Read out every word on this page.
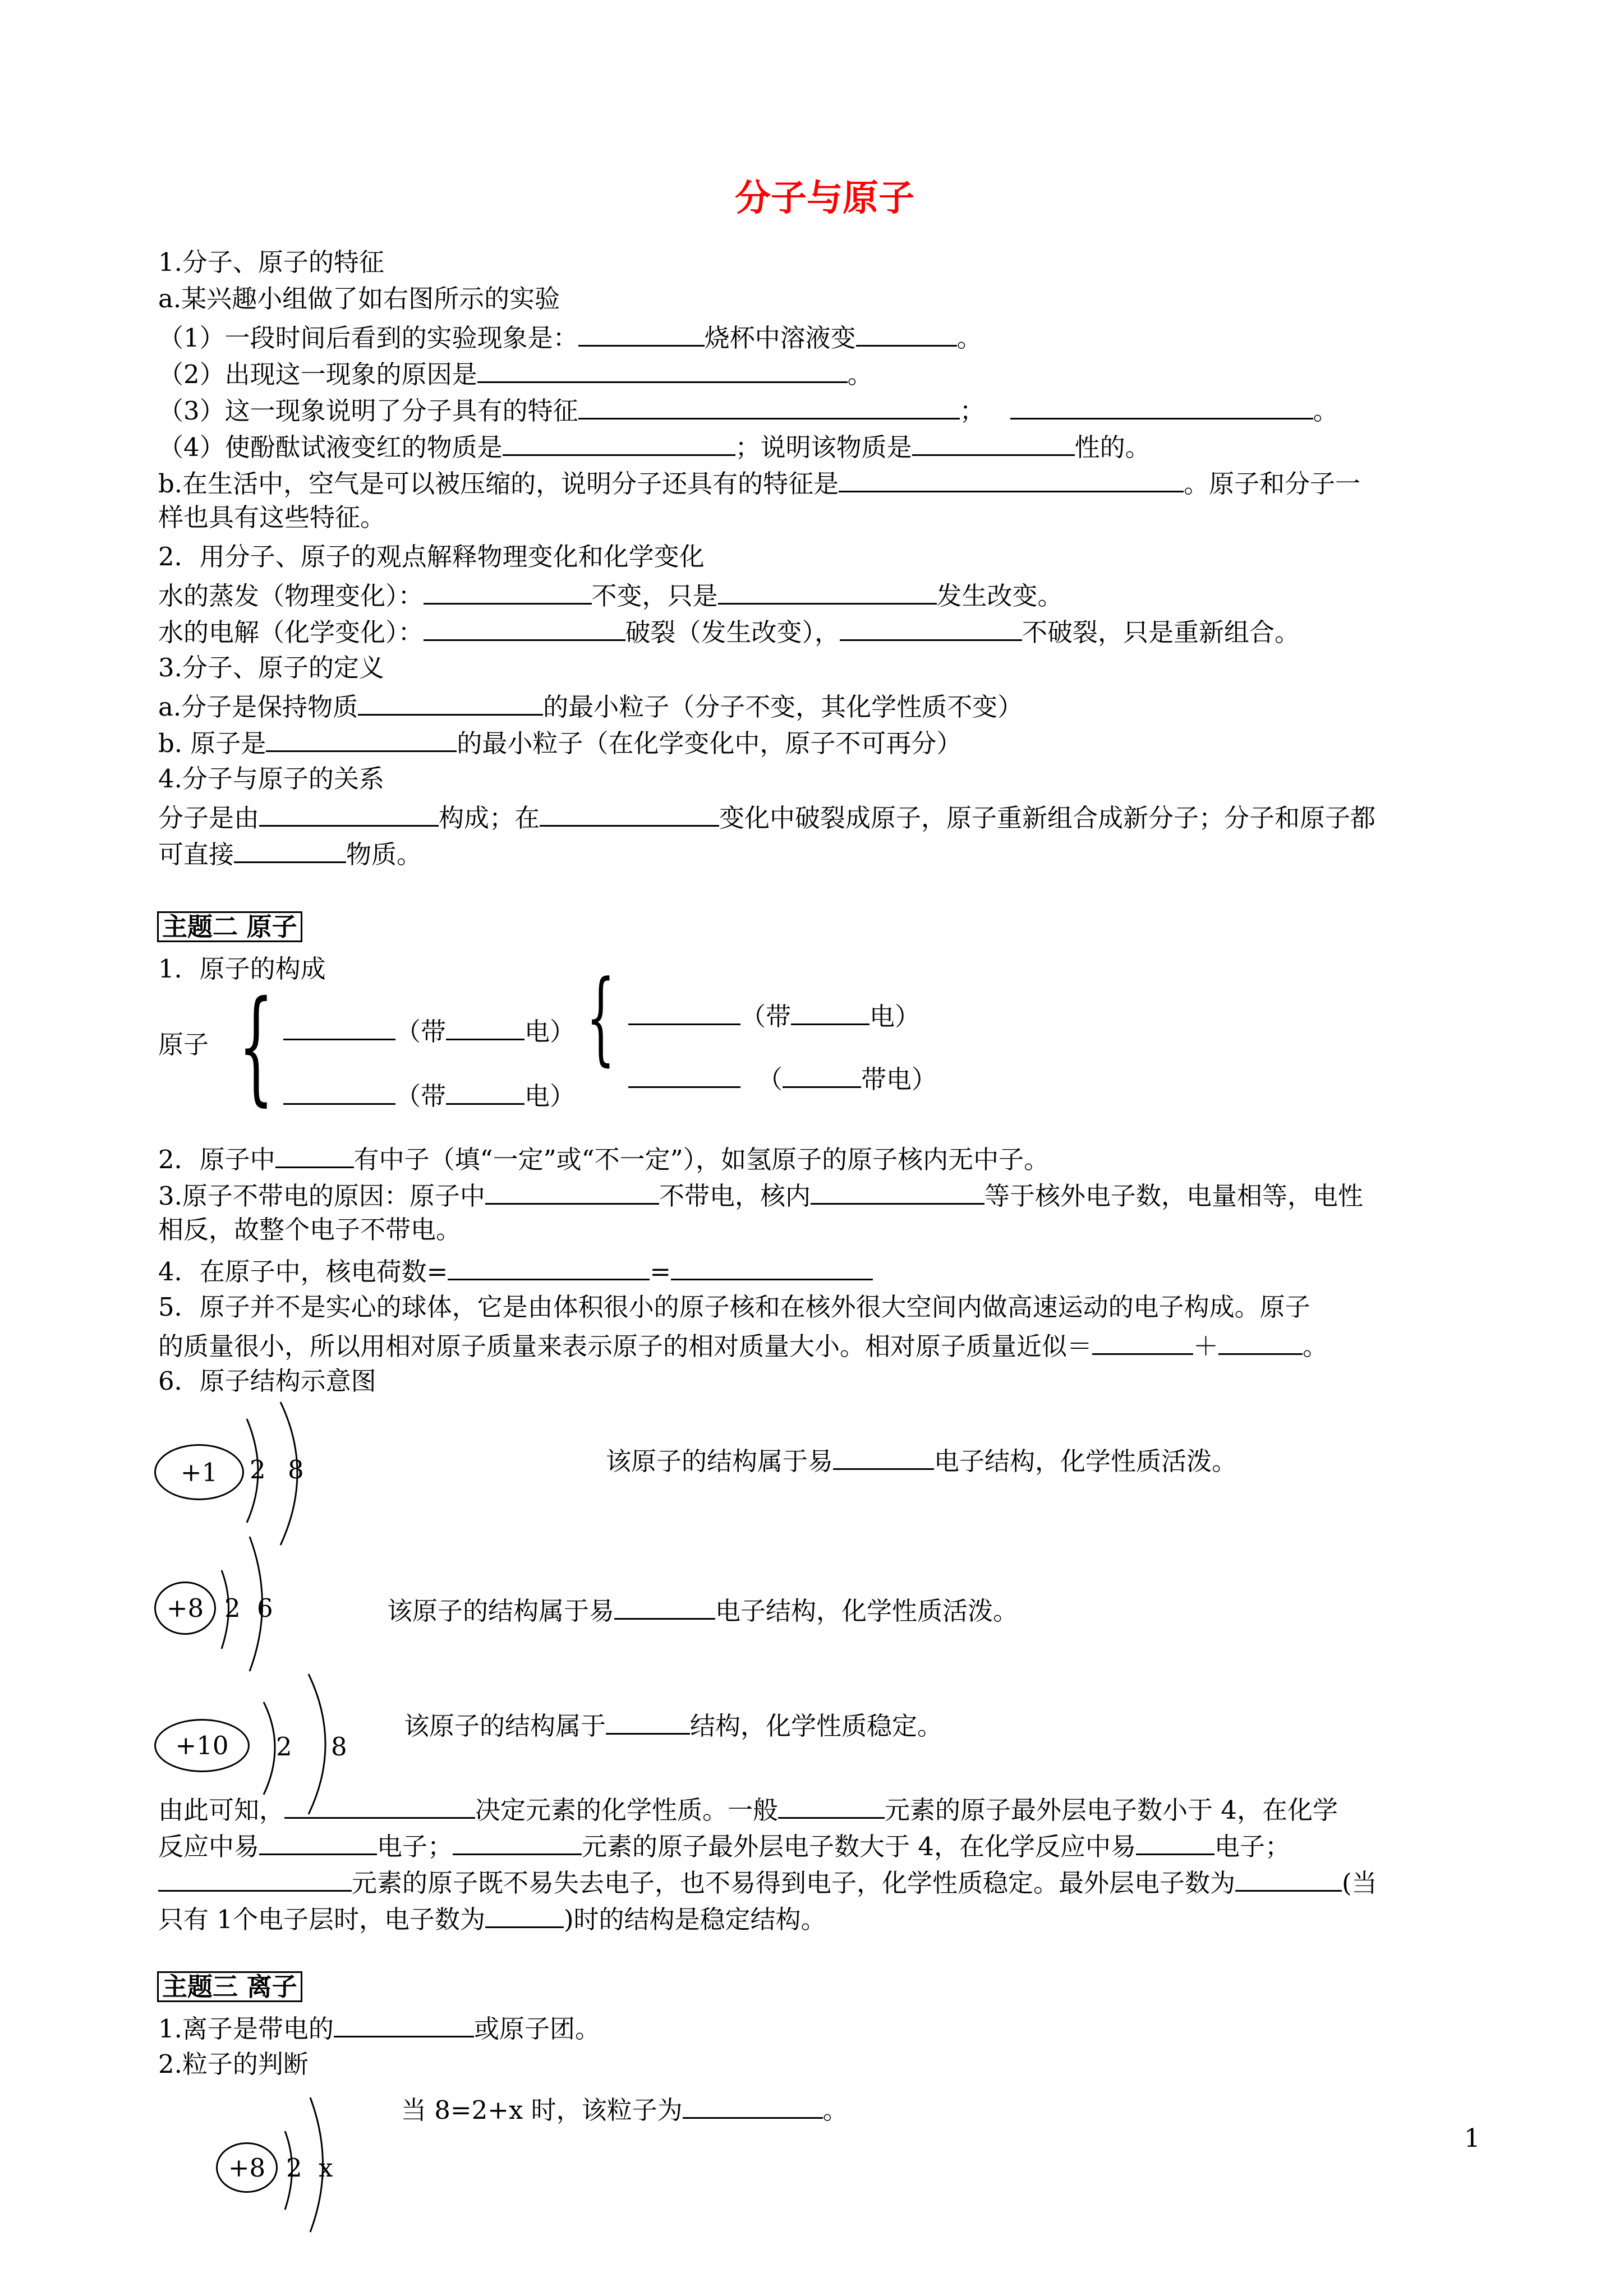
分子与原子
1.分子、原子的特征
a.某兴趣小组做了如右图所示的实验
（1）一段时间后看到的实验现象是：	烧杯中溶液变	。
（2）出现这一现象的原因是	。
（3）这一现象说明了分子具有的特征	；	。
（4）使酚酞试液变红的物质是	；说明该物质是	性的。
b.在生活中，空气是可以被压缩的，说明分子还具有的特征是	。原子和分子一
样也具有这些特征。
2．用分子、原子的观点解释物理变化和化学变化
水的蒸发（物理变化）：	不变，只是	发生改变。
水的电解（化学变化）：	破裂（发生改变），	不破裂，只是重新组合。
3.分子、原子的定义
a.分子是保持物质	的最小粒子（分子不变，其化学性质不变）
b. 原子是	的最小粒子（在化学变化中，原子不可再分）
4.分子与原子的关系
分子是由	构成；在	变化中破裂成原子，原子重新组合成新分子；分子和原子都
可直接	物质。
主题二 原子
1．原子的构成
原子 {	（带	电）
（带	电）
{	（带	电）
（	带电）
2．原子中	有中子（填“一定”或“不一定”），如氢原子的原子核内无中子。
3.原子不带电的原因：原子中	不带电，核内	等于核外电子数，电量相等，电性
相反，故整个电子不带电。
4．在原子中，核电荷数=	=
5．原子并不是实心的球体，它是由体积很小的原子核和在核外很大空间内做高速运动的电子构成。原子
的质量很小，所以用相对原子质量来表示原子的相对质量大小。相对原子质量近似＝	＋	。
6．原子结构示意图
+1	2 8	该原子的结构属于易	电子结构，化学性质活泼。
+8 2 6	该原子的结构属于易	电子结构，化学性质活泼。
+10	2 8
该原子的结构属于	结构，化学性质稳定。
由此可知，	决定元素的化学性质。一般	元素的原子最外层电子数小于 4，在化学
反应中易	电子；	元素的原子最外层电子数大于 4，在化学反应中易	电子；
元素的原子既不易失去电子，也不易得到电子，化学性质稳定。最外层电子数为	(当
只有 1个电子层时，电子数为	)时的结构是稳定结构。
主题三 离子
1.离子是带电的	或原子团。
2.粒子的判断
当 8=2+x 时，该粒子为	。
+8 2 x
1
